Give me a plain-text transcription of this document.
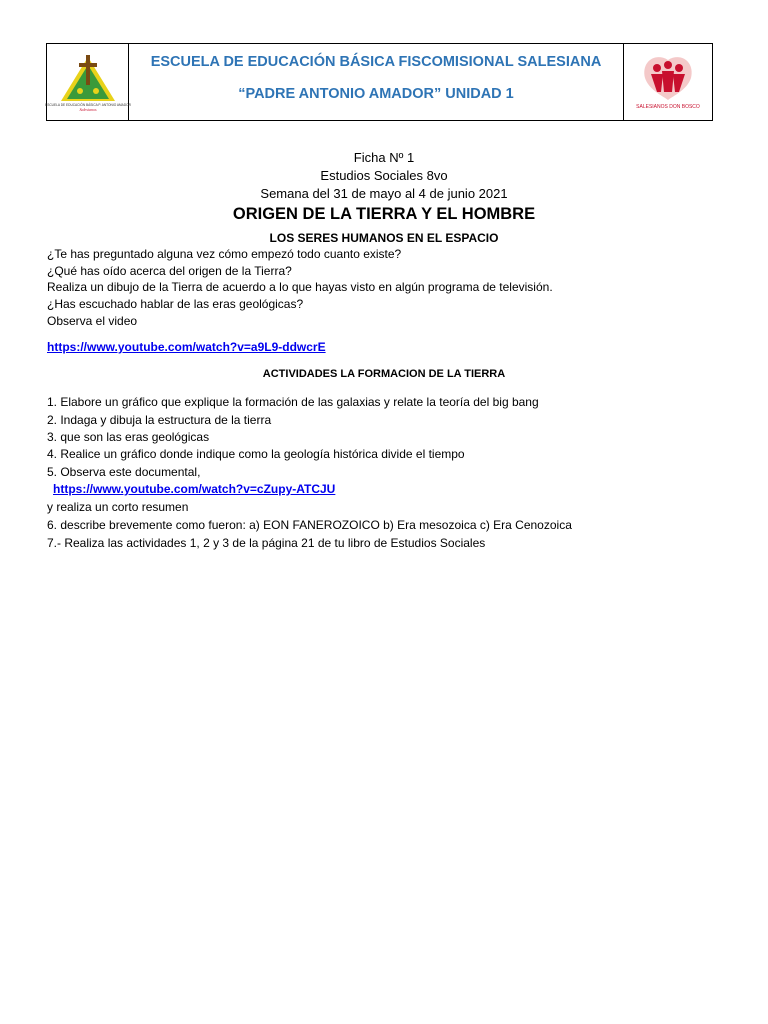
ESCUELA DE EDUCACIÓN BÁSICA P. ANTONIO AMADOR
Salesianos
ESCUELA DE EDUCACIÓN BÁSICA FISCOMISIONAL SALESIANA
“PADRE ANTONIO AMADOR” UNIDAD 1
SALESIANOS DON BOSCO
Ficha Nº 1
Estudios Sociales 8vo
Semana del 31 de mayo al 4 de junio 2021
ORIGEN DE LA TIERRA Y EL HOMBRE
LOS SERES HUMANOS EN EL ESPACIO
¿Te has preguntado alguna vez cómo empezó todo cuanto existe?
¿Qué has oído acerca del origen de la Tierra?
Realiza un dibujo de la Tierra de acuerdo a lo que hayas visto en algún programa de televisión.
¿Has escuchado hablar de las eras geológicas?
Observa el video
https://www.youtube.com/watch?v=a9L9-ddwcrE
ACTIVIDADES LA FORMACION DE LA TIERRA
1. Elabore un gráfico que explique la formación de las galaxias y relate la teoría del big bang
2. Indaga y dibuja la estructura de la tierra
3. que son las eras geológicas
4. Realice un gráfico donde indique como la geología histórica divide el tiempo
5. Observa este documental,
https://www.youtube.com/watch?v=cZupy-ATCJU
y realiza un corto resumen
6. describe brevemente como fueron: a) EON FANEROZOICO b) Era mesozoica c) Era Cenozoica
7.- Realiza las actividades 1, 2 y 3 de la página 21 de tu libro de Estudios Sociales
